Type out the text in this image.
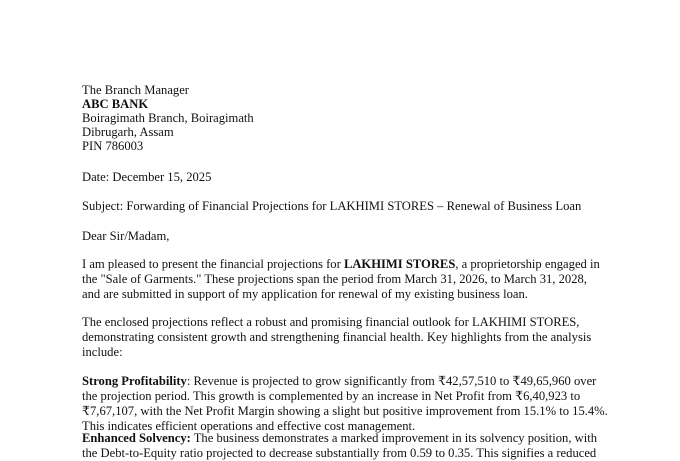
The Branch Manager
ABC BANK
Boiragimath Branch, Boiragimath
Dibrugarh, Assam
PIN 786003
Date: December 15, 2025
Subject: Forwarding of Financial Projections for LAKHIMI STORES – Renewal of Business Loan
Dear Sir/Madam,
I am pleased to present the financial projections for LAKHIMI STORES, a proprietorship engaged in
the "Sale of Garments." These projections span the period from March 31, 2026, to March 31, 2028,
and are submitted in support of my application for renewal of my existing business loan.
The enclosed projections reflect a robust and promising financial outlook for LAKHIMI STORES,
demonstrating consistent growth and strengthening financial health. Key highlights from the analysis
include:
Strong Profitability: Revenue is projected to grow significantly from ₹42,57,510 to ₹49,65,960 over
the projection period. This growth is complemented by an increase in Net Profit from ₹6,40,923 to
₹7,67,107, with the Net Profit Margin showing a slight but positive improvement from 15.1% to 15.4%.
This indicates efficient operations and effective cost management.
Enhanced Solvency: The business demonstrates a marked improvement in its solvency position, with
the Debt-to-Equity ratio projected to decrease substantially from 0.59 to 0.35. This signifies a reduced
